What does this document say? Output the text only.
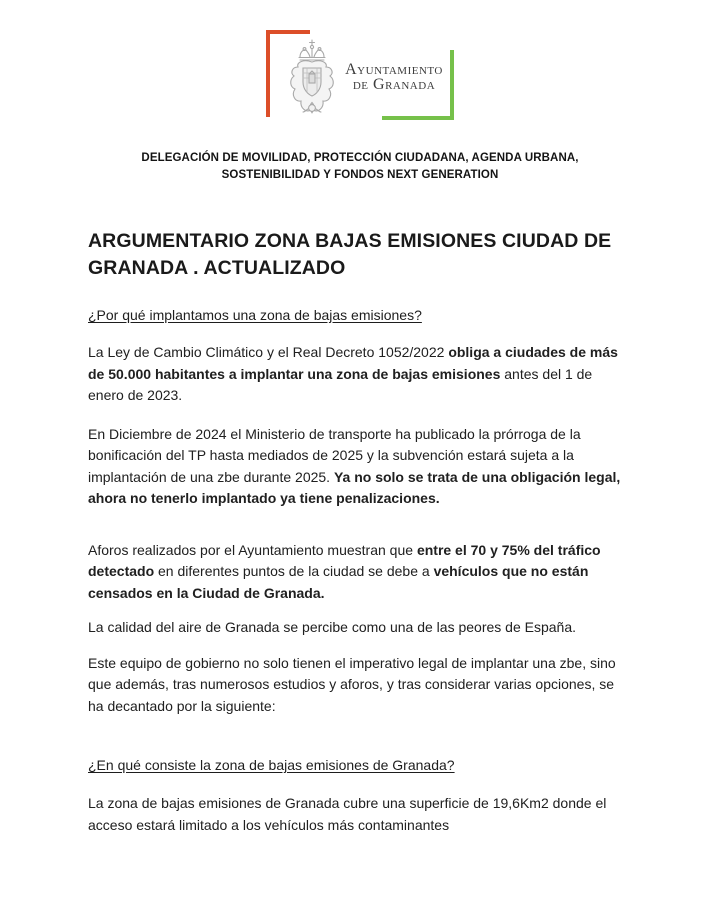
Ayuntamiento
de Granada
DELEGACIÓN DE MOVILIDAD, PROTECCIÓN CIUDADANA, AGENDA URBANA,
SOSTENIBILIDAD Y FONDOS NEXT GENERATION
ARGUMENTARIO ZONA BAJAS EMISIONES CIUDAD DE GRANADA . ACTUALIZADO
¿Por qué implantamos una zona de bajas emisiones?

La Ley de Cambio Climático y el Real Decreto 1052/2022 obliga a ciudades de más de 50.000 habitantes a implantar una zona de bajas emisiones antes del 1 de enero de 2023.

En Diciembre de 2024 el Ministerio de transporte ha publicado la prórroga de la bonificación del TP hasta mediados de 2025 y la subvención estará sujeta a la implantación de una zbe durante 2025. Ya no solo se trata de una obligación legal, ahora no tenerlo implantado ya tiene penalizaciones.

Aforos realizados por el Ayuntamiento muestran que entre el 70 y 75% del tráfico detectado en diferentes puntos de la ciudad se debe a vehículos que no están censados en la Ciudad de Granada.

La calidad del aire de Granada se percibe como una de las peores de España.

Este equipo de gobierno no solo tienen el imperativo legal de implantar una zbe, sino que además, tras numerosos estudios y aforos, y tras considerar varias opciones, se ha decantado por la siguiente:

¿En qué consiste la zona de bajas emisiones de Granada?

La zona de bajas emisiones de Granada cubre una superficie de 19,6Km2 donde el acceso estará limitado a los vehículos más contaminantes
